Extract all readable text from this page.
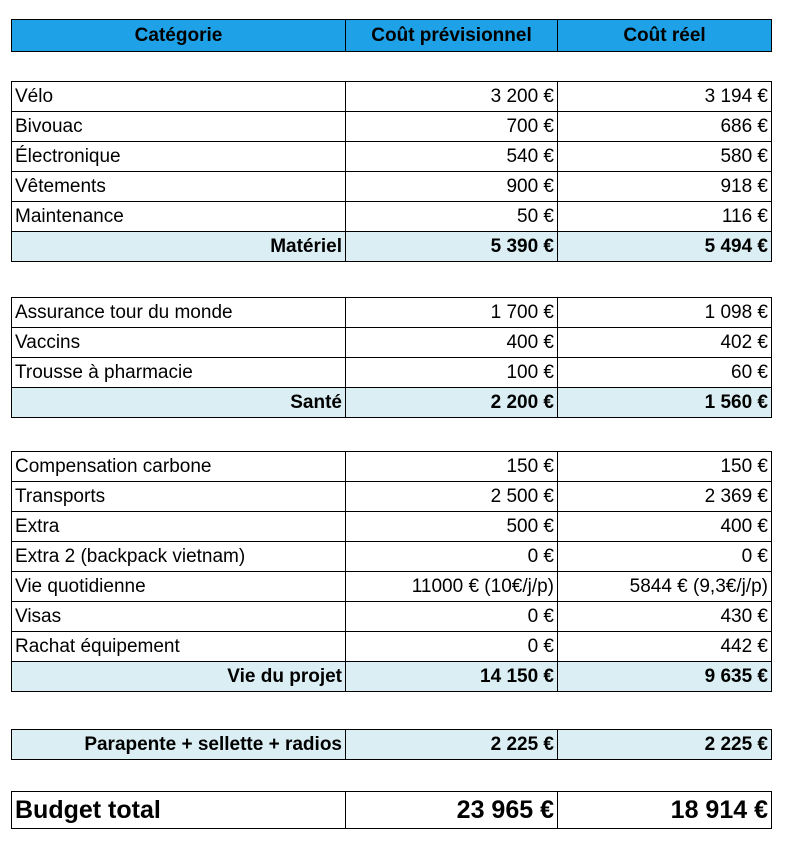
Catégorie	Coût prévisionnel	Coût réel
Vélo	3 200 €	3 194 €
Bivouac	700 €	686 €
Électronique	540 €	580 €
Vêtements	900 €	918 €
Maintenance	50 €	116 €
Matériel	5 390 €	5 494 €
Assurance tour du monde	1 700 €	1 098 €
Vaccins	400 €	402 €
Trousse à pharmacie	100 €	60 €
Santé	2 200 €	1 560 €
Compensation carbone	150 €	150 €
Transports	2 500 €	2 369 €
Extra	500 €	400 €
Extra 2 (backpack vietnam)	0 €	0 €
Vie quotidienne	11000 € (10€/j/p)	5844 € (9,3€/j/p)
Visas	0 €	430 €
Rachat équipement	0 €	442 €
Vie du projet	14 150 €	9 635 €
Parapente + sellette + radios	2 225 €	2 225 €
Budget total	23 965 €	18 914 €
